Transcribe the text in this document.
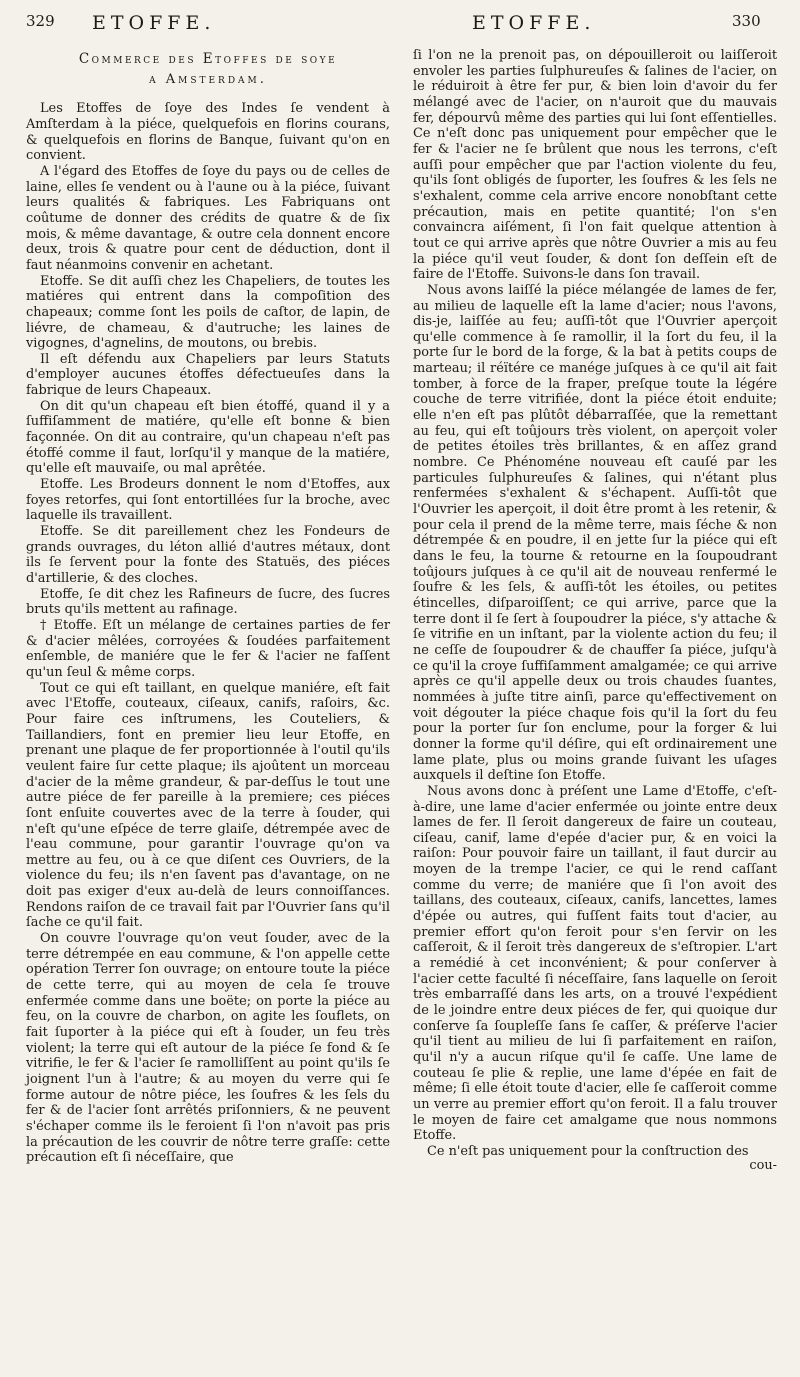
329 ETOFFE.	ETOFFE.	330
Commerce des Etoffes de soye
a Amsterdam.

Les Etoffes de ſoye des Indes ſe vendent à Amſterdam à la piéce, quelquefois en florins courans, & quelquefois en florins de Banque, ſuivant qu'on en convient.

A l'égard des Etoffes de ſoye du pays ou de celles de laine, elles ſe vendent ou à l'aune ou à la piéce, ſuivant leurs qualités & fabriques. Les Fabriquans ont coûtume de donner des crédits de quatre & de ſix mois, & même davantage, & outre cela donnent encore deux, trois & quatre pour cent de déduction, dont il faut néanmoins convenir en achetant.

Etoffe. Se dit auſſi chez les Chapeliers, de toutes les matiéres qui entrent dans la compoſition des chapeaux; comme ſont les poils de caſtor, de lapin, de liévre, de chameau, & d'autruche; les laines de vigognes, d'agnelins, de moutons, ou brebis.

Il eſt défendu aux Chapeliers par leurs Statuts d'employer aucunes étoffes défectueuſes dans la fabrique de leurs Chapeaux.

On dit qu'un chapeau eſt bien étoffé, quand il y a ſuffiſamment de matiére, qu'elle eſt bonne & bien façonnée. On dit au contraire, qu'un chapeau n'eſt pas étoffé comme il faut, lorſqu'il y manque de la matiére, qu'elle eſt mauvaiſe, ou mal aprêtée.

Etoffe. Les Brodeurs donnent le nom d'Etoffes, aux foyes retorfes, qui ſont entortillées ſur la broche, avec laquelle ils travaillent.

Etoffe. Se dit pareillement chez les Fondeurs de grands ouvrages, du léton allié d'autres métaux, dont ils ſe ſervent pour la fonte des Statuës, des piéces d'artillerie, & des cloches.

Etoffe, ſe dit chez les Rafineurs de ſucre, des ſucres bruts qu'ils mettent au rafinage.

† Etoffe. Eſt un mélange de certaines parties de fer & d'acier mêlées, corroyées & ſoudées parfaitement enſemble, de maniére que le fer & l'acier ne faſſent qu'un ſeul & même corps.

Tout ce qui eſt taillant, en quelque maniére, eſt fait avec l'Etoffe, couteaux, ciſeaux, canifs, raſoirs, &c. Pour faire ces inſtrumens, les Couteliers, & Taillandiers, font en premier lieu leur Etoffe, en prenant une plaque de fer proportionnée à l'outil qu'ils veulent faire ſur cette plaque; ils ajoûtent un morceau d'acier de la même grandeur, & par-deſſus le tout une autre piéce de fer pareille à la premiere; ces piéces ſont enſuite couvertes avec de la terre à ſouder, qui n'eſt qu'une eſpéce de terre glaiſe, détrempée avec de l'eau commune, pour garantir l'ouvrage qu'on va mettre au feu, ou à ce que diſent ces Ouvriers, de la violence du feu; ils n'en ſavent pas d'avantage, on ne doit pas exiger d'eux au-delà de leurs connoiſſances. Rendons raiſon de ce travail fait par l'Ouvrier ſans qu'il ſache ce qu'il fait.

On couvre l'ouvrage qu'on veut ſouder, avec de la terre détrempée en eau commune, & l'on appelle cette opération Terrer ſon ouvrage; on entoure toute la piéce de cette terre, qui au moyen de cela ſe trouve enfermée comme dans une boëte; on porte la piéce au feu, on la couvre de charbon, on agite les ſouflets, on fait ſuporter à la piéce qui eſt à ſouder, un feu très violent; la terre qui eſt autour de la piéce ſe fond & ſe vitrifie, le fer & l'acier ſe ramolliſſent au point qu'ils ſe joignent l'un à l'autre; & au moyen du verre qui ſe forme autour de nôtre piéce, les ſoufres & les ſels du fer & de l'acier ſont arrêtés priſonniers, & ne peuvent s'échaper comme ils le feroient ſi l'on n'avoit pas pris la précaution de les couvrir de nôtre terre graſſe: cette précaution eſt ſi néceſſaire, que

ſi l'on ne la prenoit pas, on dépouilleroit ou laiſſeroit envoler les parties ſulphureuſes & ſalines de l'acier, on le réduiroit à être fer pur, & bien loin d'avoir du fer mélangé avec de l'acier, on n'auroit que du mauvais fer, dépourvû même des parties qui lui ſont eſſentielles. Ce n'eſt donc pas uniquement pour empêcher que le fer & l'acier ne ſe brûlent que nous les terrons, c'eſt auſſi pour empêcher que par l'action violente du feu, qu'ils ſont obligés de ſuporter, les ſoufres & les ſels ne s'exhalent, comme cela arrive encore nonobſtant cette précaution, mais en petite quantité; l'on s'en convaincra aiſément, ſi l'on fait quelque attention à tout ce qui arrive après que nôtre Ouvrier a mis au feu la piéce qu'il veut ſouder, & dont ſon deſſein eſt de faire de l'Etoffe. Suivons-le dans ſon travail.

Nous avons laiſſé la piéce mélangée de lames de fer, au milieu de laquelle eſt la lame d'acier; nous l'avons, dis-je, laiſſée au feu; auſſi-tôt que l'Ouvrier aperçoit qu'elle commence à ſe ramollir, il la ſort du feu, il la porte ſur le bord de la forge, & la bat à petits coups de marteau; il réïtére ce manége juſques à ce qu'il ait fait tomber, à force de la fraper, preſque toute la légére couche de terre vitrifiée, dont la piéce étoit enduite; elle n'en eſt pas plûtôt débarraſſée, que la remettant au feu, qui eſt toûjours très violent, on aperçoit voler de petites étoiles très brillantes, & en aſſez grand nombre. Ce Phénoméne nouveau eſt cauſé par les particules ſulphureuſes & ſalines, qui n'étant plus renfermées s'exhalent & s'échapent. Auſſi-tôt que l'Ouvrier les aperçoit, il doit être promt à les retenir, & pour cela il prend de la même terre, mais ſéche & non détrempée & en poudre, il en jette ſur la piéce qui eſt dans le feu, la tourne & retourne en la ſoupoudrant toûjours juſques à ce qu'il ait de nouveau renfermé le ſoufre & les ſels, & auſſi-tôt les étoiles, ou petites étincelles, diſparoiſſent; ce qui arrive, parce que la terre dont il ſe ſert à ſoupoudrer la piéce, s'y attache & ſe vitrifie en un inſtant, par la violente action du feu; il ne ceſſe de ſoupoudrer & de chauffer ſa piéce, juſqu'à ce qu'il la croye ſuffiſamment amalgamée; ce qui arrive après ce qu'il appelle deux ou trois chaudes ſuantes, nommées à juſte titre ainſi, parce qu'effectivement on voit dégouter la piéce chaque fois qu'il la ſort du feu pour la porter ſur ſon enclume, pour la forger & lui donner la forme qu'il déſire, qui eſt ordinairement une lame plate, plus ou moins grande ſuivant les uſages auxquels il deſtine ſon Etoffe.

Nous avons donc à préſent une Lame d'Etoffe, c'eſt-à-dire, une lame d'acier enfermée ou jointe entre deux lames de fer. Il ſeroit dangereux de faire un couteau, ciſeau, canif, lame d'epée d'acier pur, & en voici la raiſon: Pour pouvoir faire un taillant, il faut durcir au moyen de la trempe l'acier, ce qui le rend caſſant comme du verre; de maniére que ſi l'on avoit des taillans, des couteaux, ciſeaux, canifs, lancettes, lames d'épée ou autres, qui fuſſent faits tout d'acier, au premier effort qu'on feroit pour s'en ſervir on les caſſeroit, & il ſeroit très dangereux de s'eſtropier. L'art a remédié à cet inconvénient; & pour conſerver à l'acier cette faculté ſi néceſſaire, ſans laquelle on ſeroit très embarraſſé dans les arts, on a trouvé l'expédient de le joindre entre deux piéces de fer, qui quoique dur conſerve ſa ſoupleſſe ſans ſe caſſer, & préſerve l'acier qu'il tient au milieu de lui ſi parfaitement en raiſon, qu'il n'y a aucun riſque qu'il ſe caſſe. Une lame de couteau ſe plie & replie, une lame d'épée en fait de même; ſi elle étoit toute d'acier, elle ſe caſſeroit comme un verre au premier effort qu'on feroit. Il a falu trouver le moyen de faire cet amalgame que nous nommons Etoffe.

Ce n'eſt pas uniquement pour la conſtruction des

cou-
